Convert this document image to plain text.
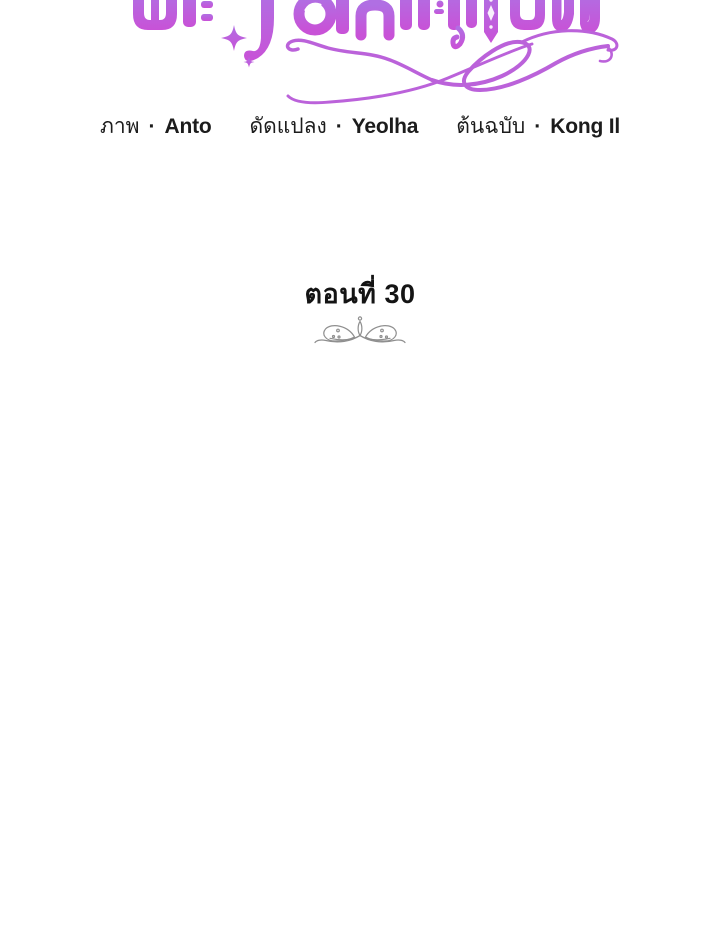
ภาพ · Anto ดัดแปลง · Yeolha ต้นฉบับ · Kong Il
ตอนที่ 30
